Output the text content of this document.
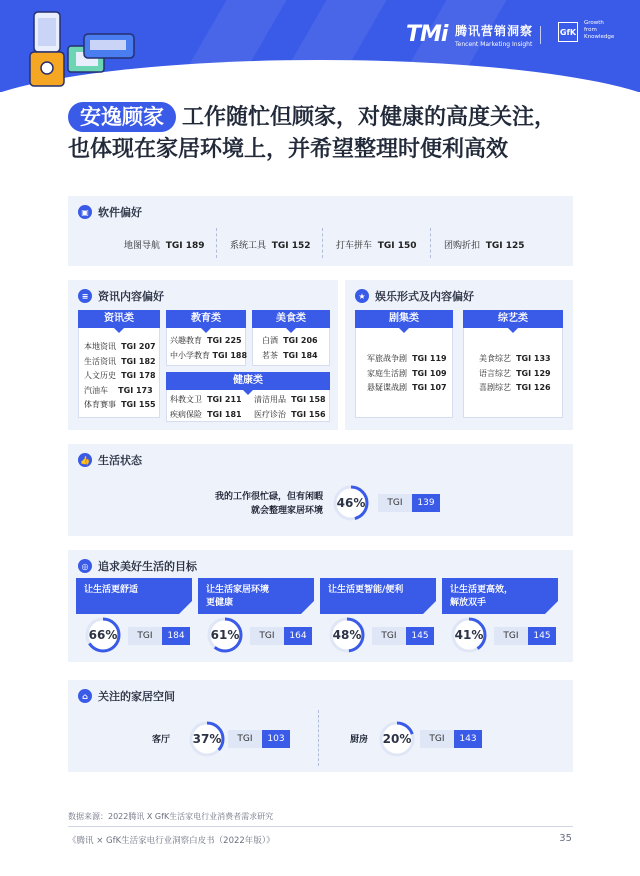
TMi 腾讯营销洞察
Tencent Marketing Insight
GfK
Growth
from
Knowledge
安逸顾家 工作随忙但顾家，对健康的高度关注，
也体现在家居环境上，并希望整理时便利高效
▣ 软件偏好
地图导航 TGI 189	系统工具 TGI 152	打车拼车 TGI 150	团购折扣 TGI 125
≡ 资讯内容偏好
资讯类
本地资讯 TGI 207
生活资讯 TGI 182
人文历史 TGI 178
汽油车 TGI 173
体育赛事 TGI 155
教育类
兴趣教育 TGI 225
中小学教育 TGI 188
美食类
白酒 TGI 206
茗茶 TGI 184
健康类
科教文卫 TGI 211
疾病保险 TGI 181
清洁用品 TGI 158
医疗诊治 TGI 156
★ 娱乐形式及内容偏好
剧集类
军旅战争剧 TGI 119
家庭生活剧 TGI 109
悬疑谍战剧 TGI 107
综艺类
美食综艺 TGI 133
语言综艺 TGI 129
喜剧综艺 TGI 126
👍 生活状态
我的工作很忙碌，但有闲暇
就会整理家居环境
46%	TGI	139
◎ 追求美好生活的目标
让生活更舒适
66%	TGI	184
让生活家居环境
更健康
61%	TGI	164
让生活更智能/便利
48%	TGI	145
让生活更高效，
解放双手
41%	TGI	145
⌂ 关注的家居空间
客厅	37%	TGI	103	厨房	20%	TGI	143
数据来源：2022腾讯 X GfK生活家电行业消费者需求研究
《腾讯 × GfK生活家电行业洞察白皮书（2022年版）》	35
